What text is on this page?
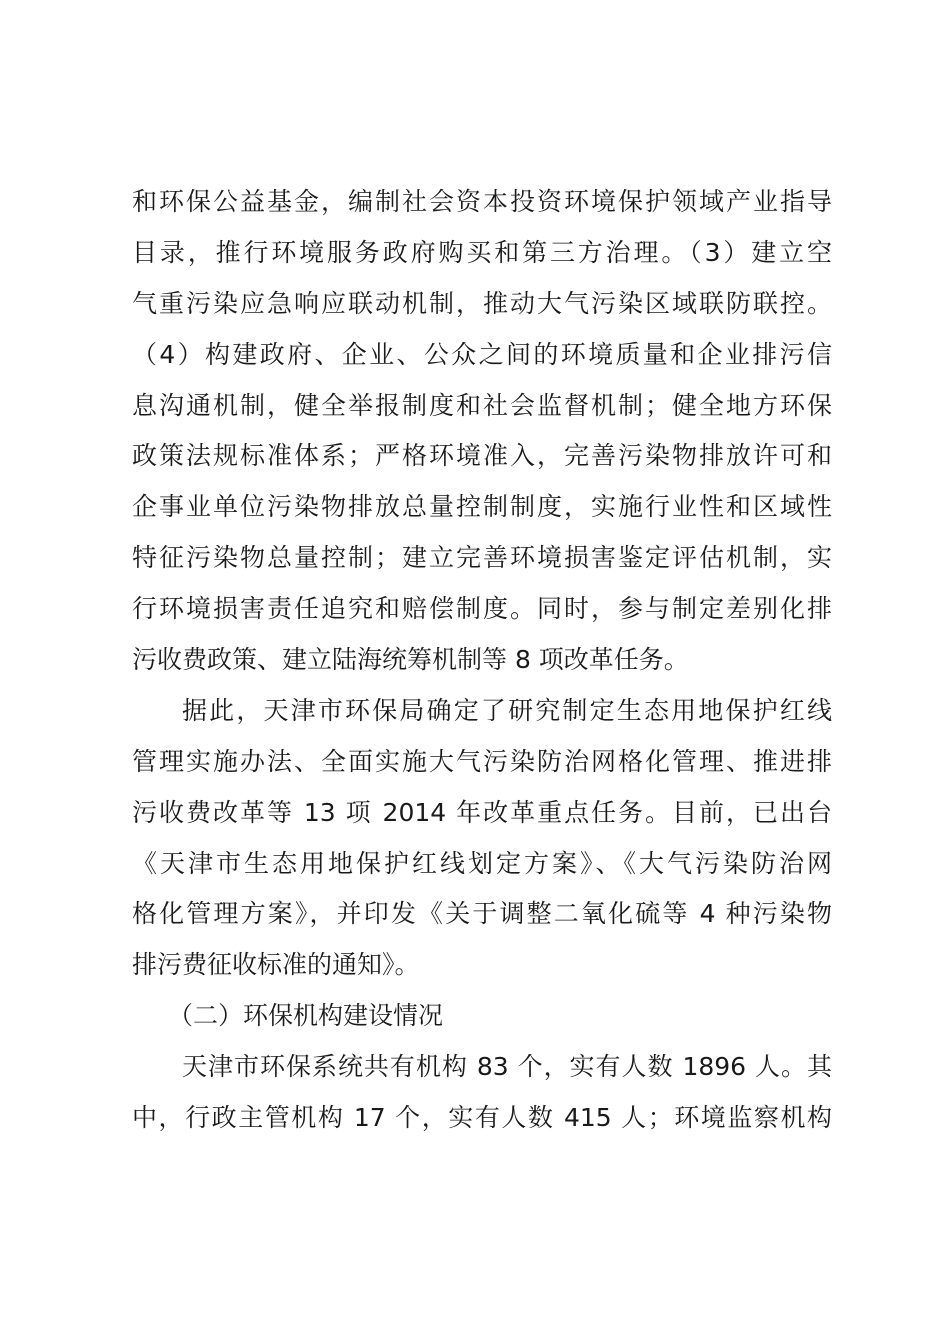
和环保公益基金，编制社会资本投资环境保护领域产业指导
目录，推行环境服务政府购买和第三方治理。（3）建立空
气重污染应急响应联动机制，推动大气污染区域联防联控。
（4）构建政府、企业、公众之间的环境质量和企业排污信
息沟通机制，健全举报制度和社会监督机制；健全地方环保
政策法规标准体系；严格环境准入，完善污染物排放许可和
企事业单位污染物排放总量控制制度，实施行业性和区域性
特征污染物总量控制；建立完善环境损害鉴定评估机制，实
行环境损害责任追究和赔偿制度。同时，参与制定差别化排
污收费政策、建立陆海统筹机制等 8 项改革任务。
据此，天津市环保局确定了研究制定生态用地保护红线
管理实施办法、全面实施大气污染防治网格化管理、推进排
污收费改革等 13 项 2014 年改革重点任务。目前，已出台
《天津市生态用地保护红线划定方案》、《大气污染防治网
格化管理方案》，并印发《关于调整二氧化硫等 4 种污染物
排污费征收标准的通知》。
（二）环保机构建设情况
天津市环保系统共有机构 83 个，实有人数 1896 人。其
中，行政主管机构 17 个，实有人数 415 人；环境监察机构
